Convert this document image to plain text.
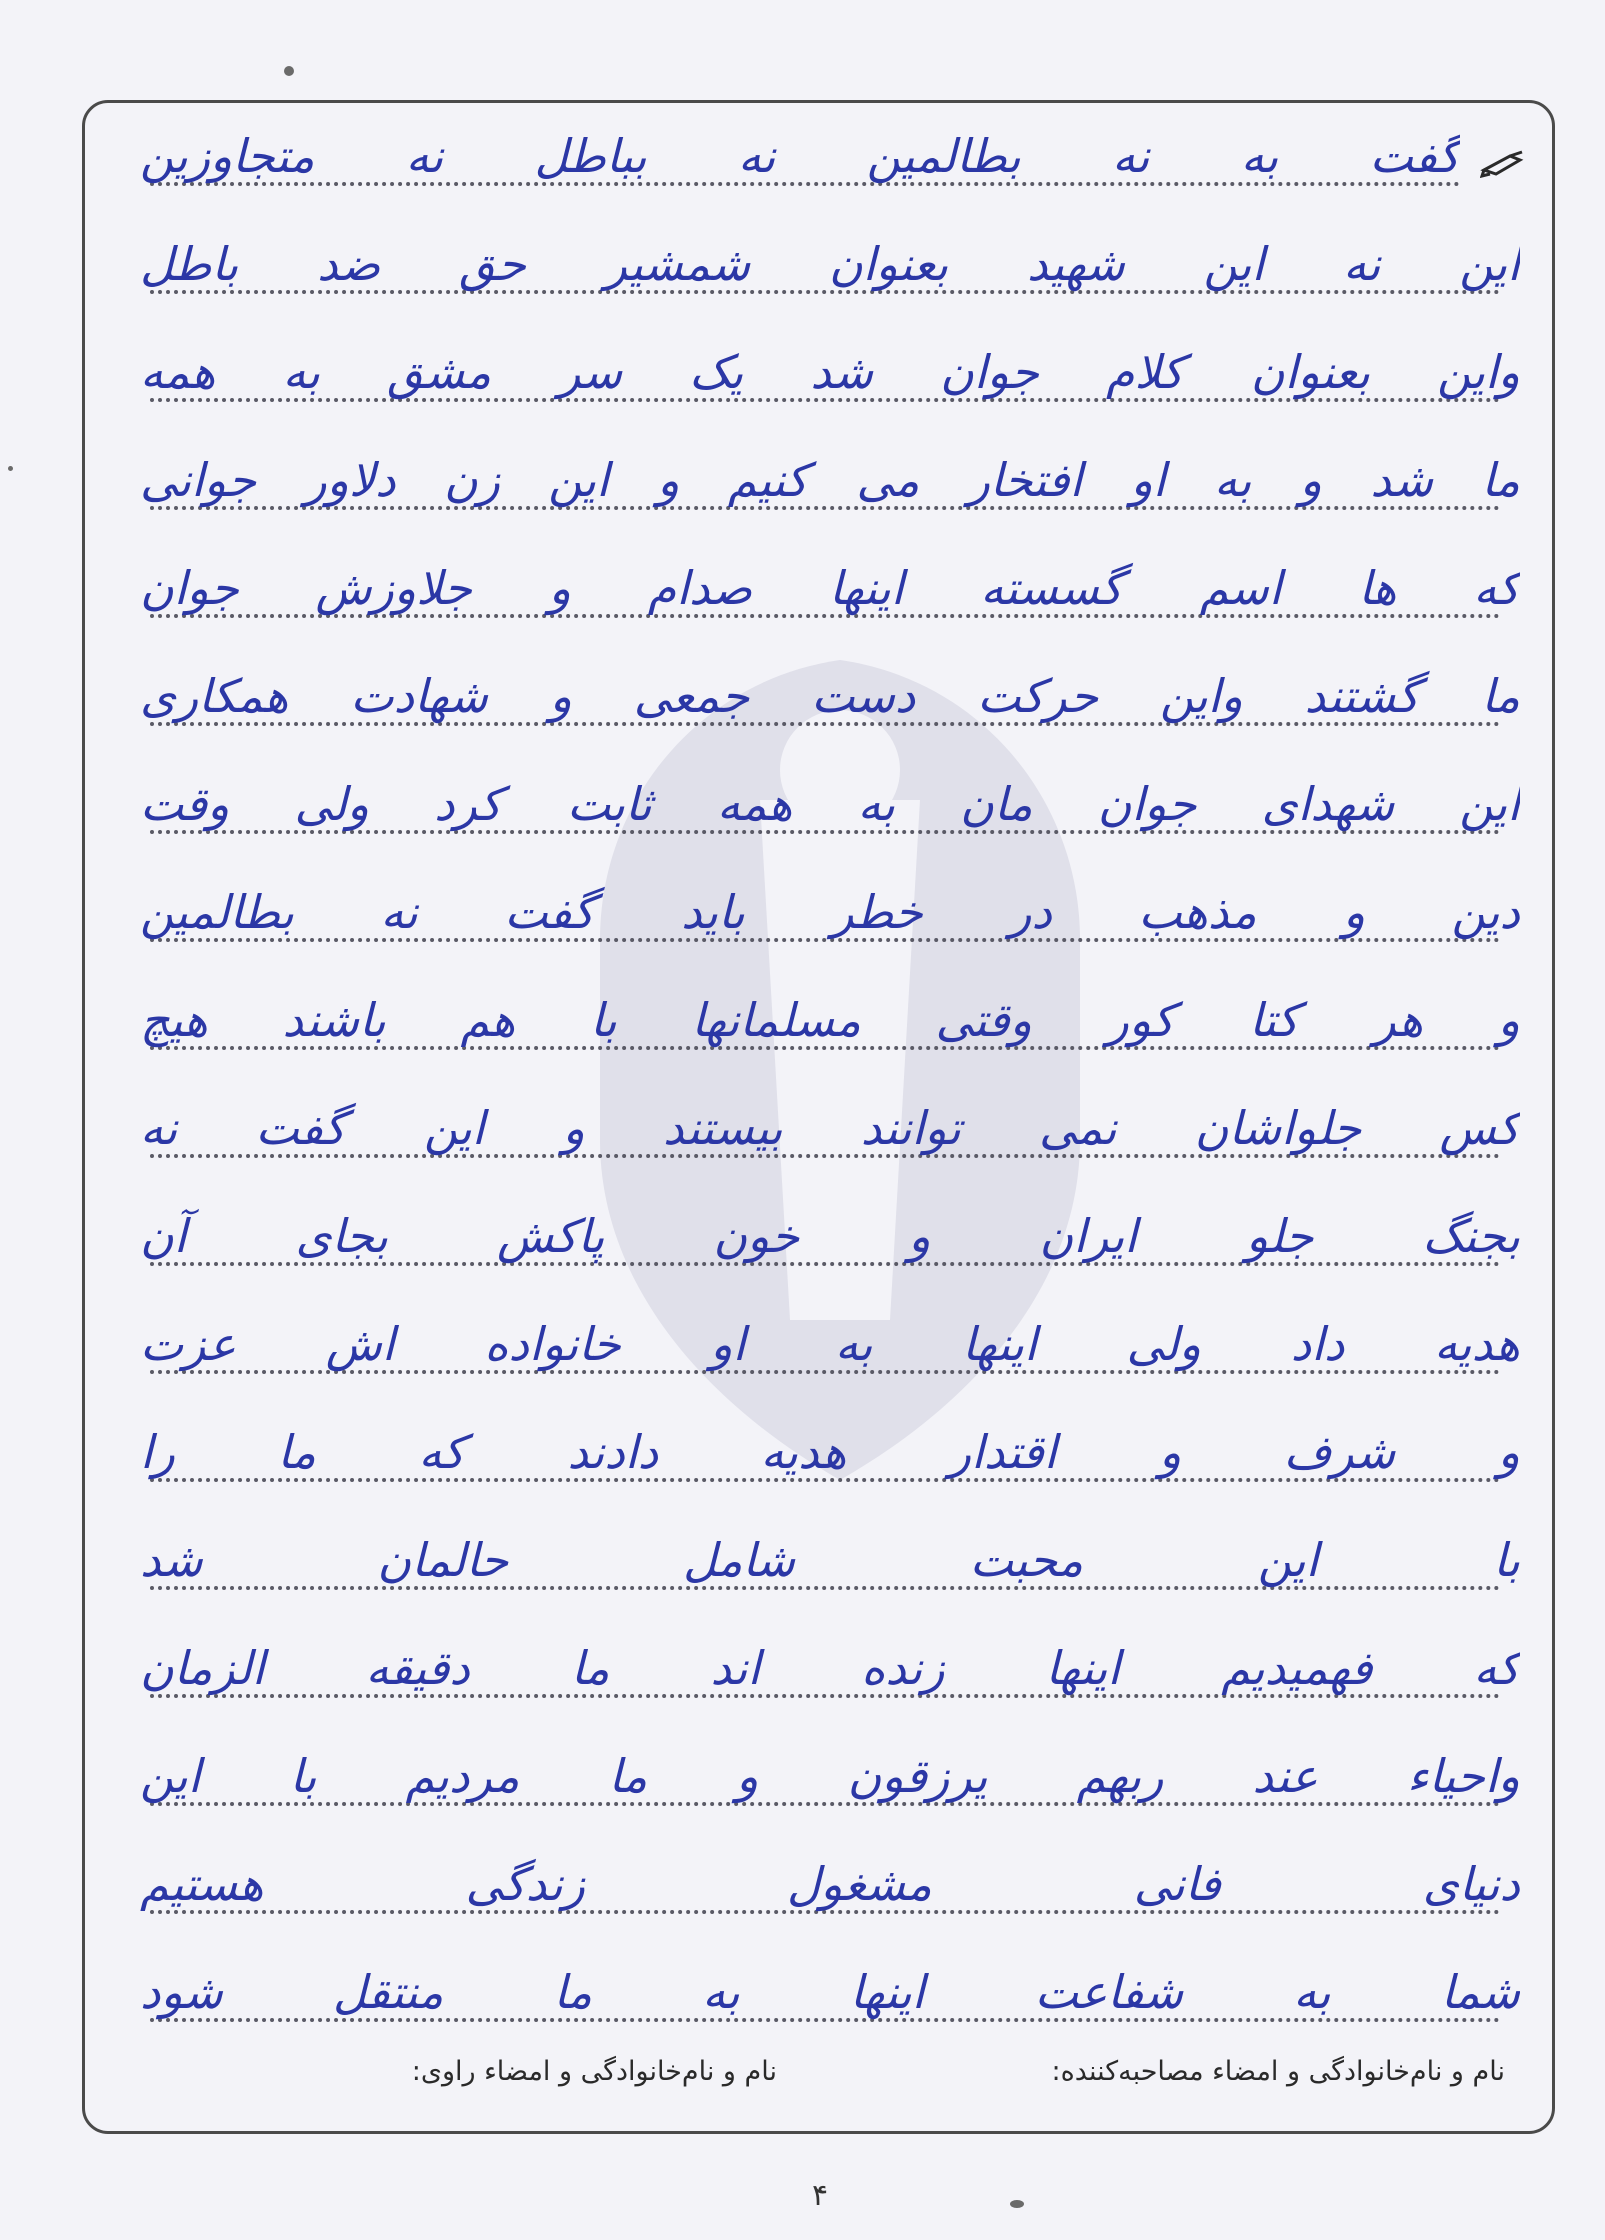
گفت به نه بطالمین نه بباطل نه متجاوزین
این نه این شهید بعنوان شمشیر حق ضد باطل
واین بعنوان کلام جوان شد یک سر مشق به همه
ما شد و به او افتخار می کنیم و این زن دلاور جوانی
که ها اسم گسسته اینها صدام و جلاوزش جوان
ما گشتند واین حرکت دست جمعی و شهادت همکاری
این شهدای جوان مان به همه ثابت کرد ولی وقت
دین و مذهب در خطر باید گفت نه بطالمین
و هر کتا کور وقتی مسلمانها با هم باشند هیچ
کس جلواشان نمی توانند بیستند و این گفت نه
بجنگ جلو ایران و خون پاکش بجای آن
هدیه داد ولی اینها به او خانواده اش عزت
و شرف و اقتدار هدیه دادند که ما را
با این محبت شامل حالمان شد
که فهمیدیم اینها زنده اند ما دقیقه الزمان
واحیاء عند ربهم یرزقون و ما مردیم با این
دنیای فانی مشغول زندگی هستیم
شما به شفاعت اینها به ما منتقل شود
نام و نام‌خانوادگی و امضاء مصاحبه‌کننده:
نام و نام‌خانوادگی و امضاء راوی:
۴
